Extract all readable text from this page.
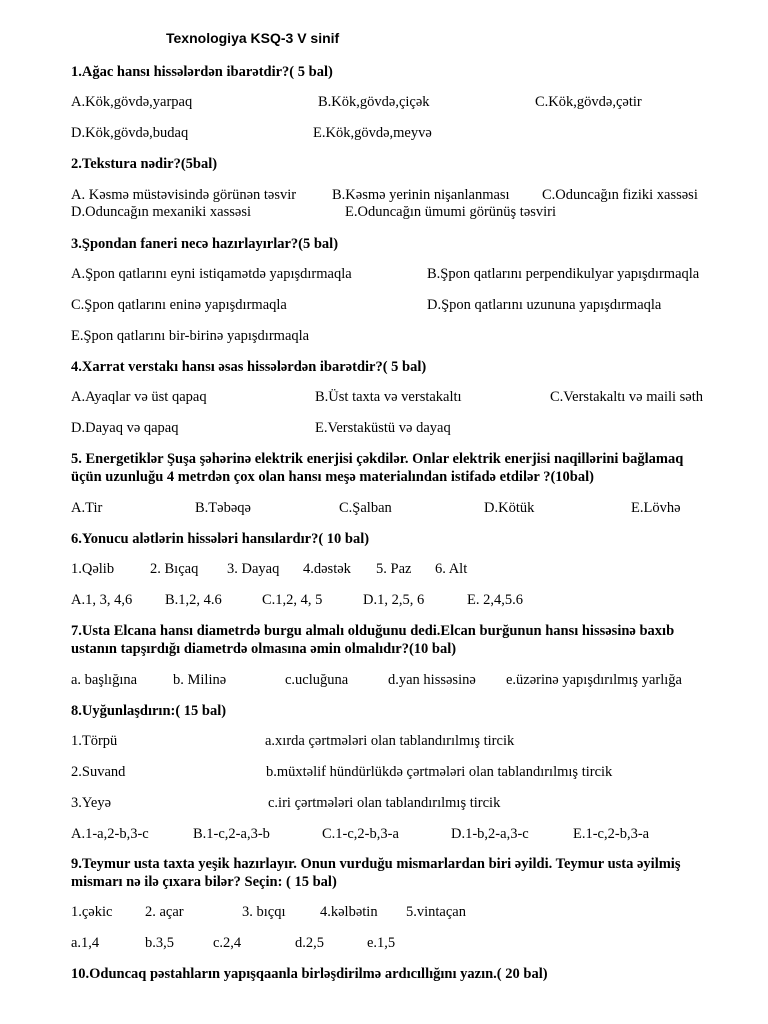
Texnologiya KSQ-3 V sinif
1.Ağac hansı hissələrdən ibarətdir?( 5 bal)
A.Kök,gövdə,yarpaq	B.Kök,gövdə,çiçək	C.Kök,gövdə,çətir
D.Kök,gövdə,budaq	E.Kök,gövdə,meyvə
2.Tekstura nədir?(5bal)
A. Kəsmə müstəvisində görünən təsvir B.Kəsmə yerinin nişanlanması C.Oduncağın fiziki xassəsi
D.Oduncağın mexaniki xassəsi	E.Oduncağın ümumi görünüş təsviri
3.Şpondan faneri necə hazırlayırlar?(5 bal)
A.Şpon qatlarını eyni istiqamətdə yapışdırmaqla	B.Şpon qatlarını perpendikulyar yapışdırmaqla
C.Şpon qatlarını eninə yapışdırmaqla	D.Şpon qatlarını uzununa yapışdırmaqla
E.Şpon qatlarını bir-birinə yapışdırmaqla
4.Xarrat verstakı hansı əsas hissələrdən ibarətdir?( 5 bal)
A.Ayaqlar və üst qapaq	B.Üst taxta və verstakaltı	C.Verstakaltı və maili səth
D.Dayaq və qapaq	E.Verstaküstü və dayaq
5. Energetiklər Şuşa şəhərinə elektrik enerjisi çəkdilər. Onlar elektrik enerjisi naqillərini bağlamaq
üçün uzunluğu 4 metrdən çox olan hansı meşə materialından istifadə etdilər ?(10bal)
A.Tir	B.Təbəqə	C.Şalban	D.Kötük	E.Lövhə
6.Yonucu alətlərin hissələri hansılardır?( 10 bal)
1.Qəlib 2. Bıçaq 3. Dayaq 4.dəstək 5. Paz 6. Alt
A.1, 3, 4,6 B.1,2, 4.6	C.1,2, 4, 5	D.1, 2,5, 6	E. 2,4,5.6
7.Usta Elcana hansı diametrdə burgu almalı olduğunu dedi.Elcan burğunun hansı hissəsinə baxıb
ustanın tapşırdığı diametrdə olmasına əmin olmalıdır?(10 bal)
a. başlığına b. Milinə	c.ucluğuna	d.yan hissəsinə e.üzərinə yapışdırılmış yarlığa
8.Uyğunlaşdırın:( 15 bal)
1.Törpü	a.xırda çərtmələri olan tablandırılmış tircik
2.Suvand	b.müxtəlif hündürlükdə çərtmələri olan tablandırılmış tircik
3.Yeyə	c.iri çərtmələri olan tablandırılmış tircik
A.1-a,2-b,3-c	B.1-c,2-a,3-b	C.1-c,2-b,3-a	D.1-b,2-a,3-c	E.1-c,2-b,3-a
9.Teymur usta taxta yeşik hazırlayır. Onun vurduğu mismarlardan biri əyildi. Teymur usta əyilmiş
mismarı nə ilə çıxara bilər? Seçin: ( 15 bal)
1.çəkic 2. açar	3. bıçqı 4.kəlbətin 5.vintaçan
a.1,4	b.3,5	c.2,4	d.2,5	e.1,5
10.Oduncaq pəstahların yapışqaanla birləşdirilmə ardıcıllığını yazın.( 20 bal)
